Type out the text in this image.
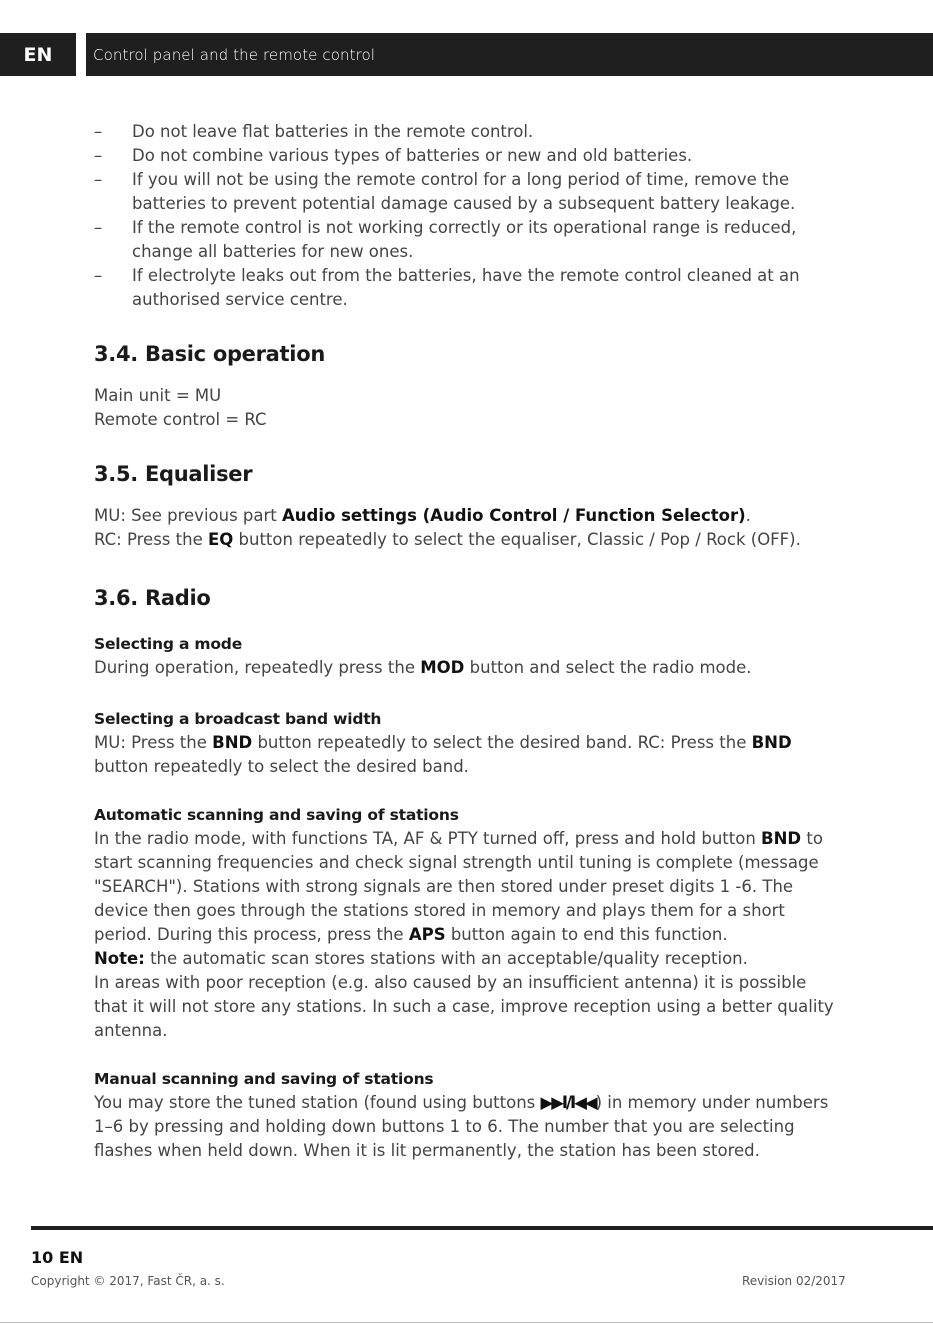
EN	Control panel and the remote control
– Do not leave flat batteries in the remote control.
– Do not combine various types of batteries or new and old batteries.
– If you will not be using the remote control for a long period of time, remove the batteries to prevent potential damage caused by a subsequent battery leakage.
– If the remote control is not working correctly or its operational range is reduced, change all batteries for new ones.
– If electrolyte leaks out from the batteries, have the remote control cleaned at an authorised service centre.
3.4. Basic operation

Main unit = MU

Remote control = RC

3.5. Equaliser

MU: See previous part Audio settings (Audio Control / Function Selector).

RC: Press the EQ button repeatedly to select the equaliser, Classic / Pop / Rock (OFF).

3.6. Radio
Selecting a mode

During operation, repeatedly press the MOD button and select the radio mode.

Selecting a broadcast band width

MU: Press the BND button repeatedly to select the desired band. RC: Press the BND button repeatedly to select the desired band.

Automatic scanning and saving of stations

In the radio mode, with functions TA, AF & PTY turned off, press and hold button BND to start scanning frequencies and check signal strength until tuning is complete (message "SEARCH"). Stations with strong signals are then stored under preset digits 1 -6. The device then goes through the stations stored in memory and plays them for a short period. During this process, press the APS button again to end this function.

Note: the automatic scan stores stations with an acceptable/quality reception.

In areas with poor reception (e.g. also caused by an insufficient antenna) it is possible that it will not store any stations. In such a case, improve reception using a better quality antenna.

Manual scanning and saving of stations

You may store the tuned station (found using buttons ▶▶I/I◀◀) in memory under numbers 1–6 by pressing and holding down buttons 1 to 6. The number that you are selecting flashes when held down. When it is lit permanently, the station has been stored.

10 EN
Copyright © 2017, Fast ČR, a. s.	Revision 02/2017
